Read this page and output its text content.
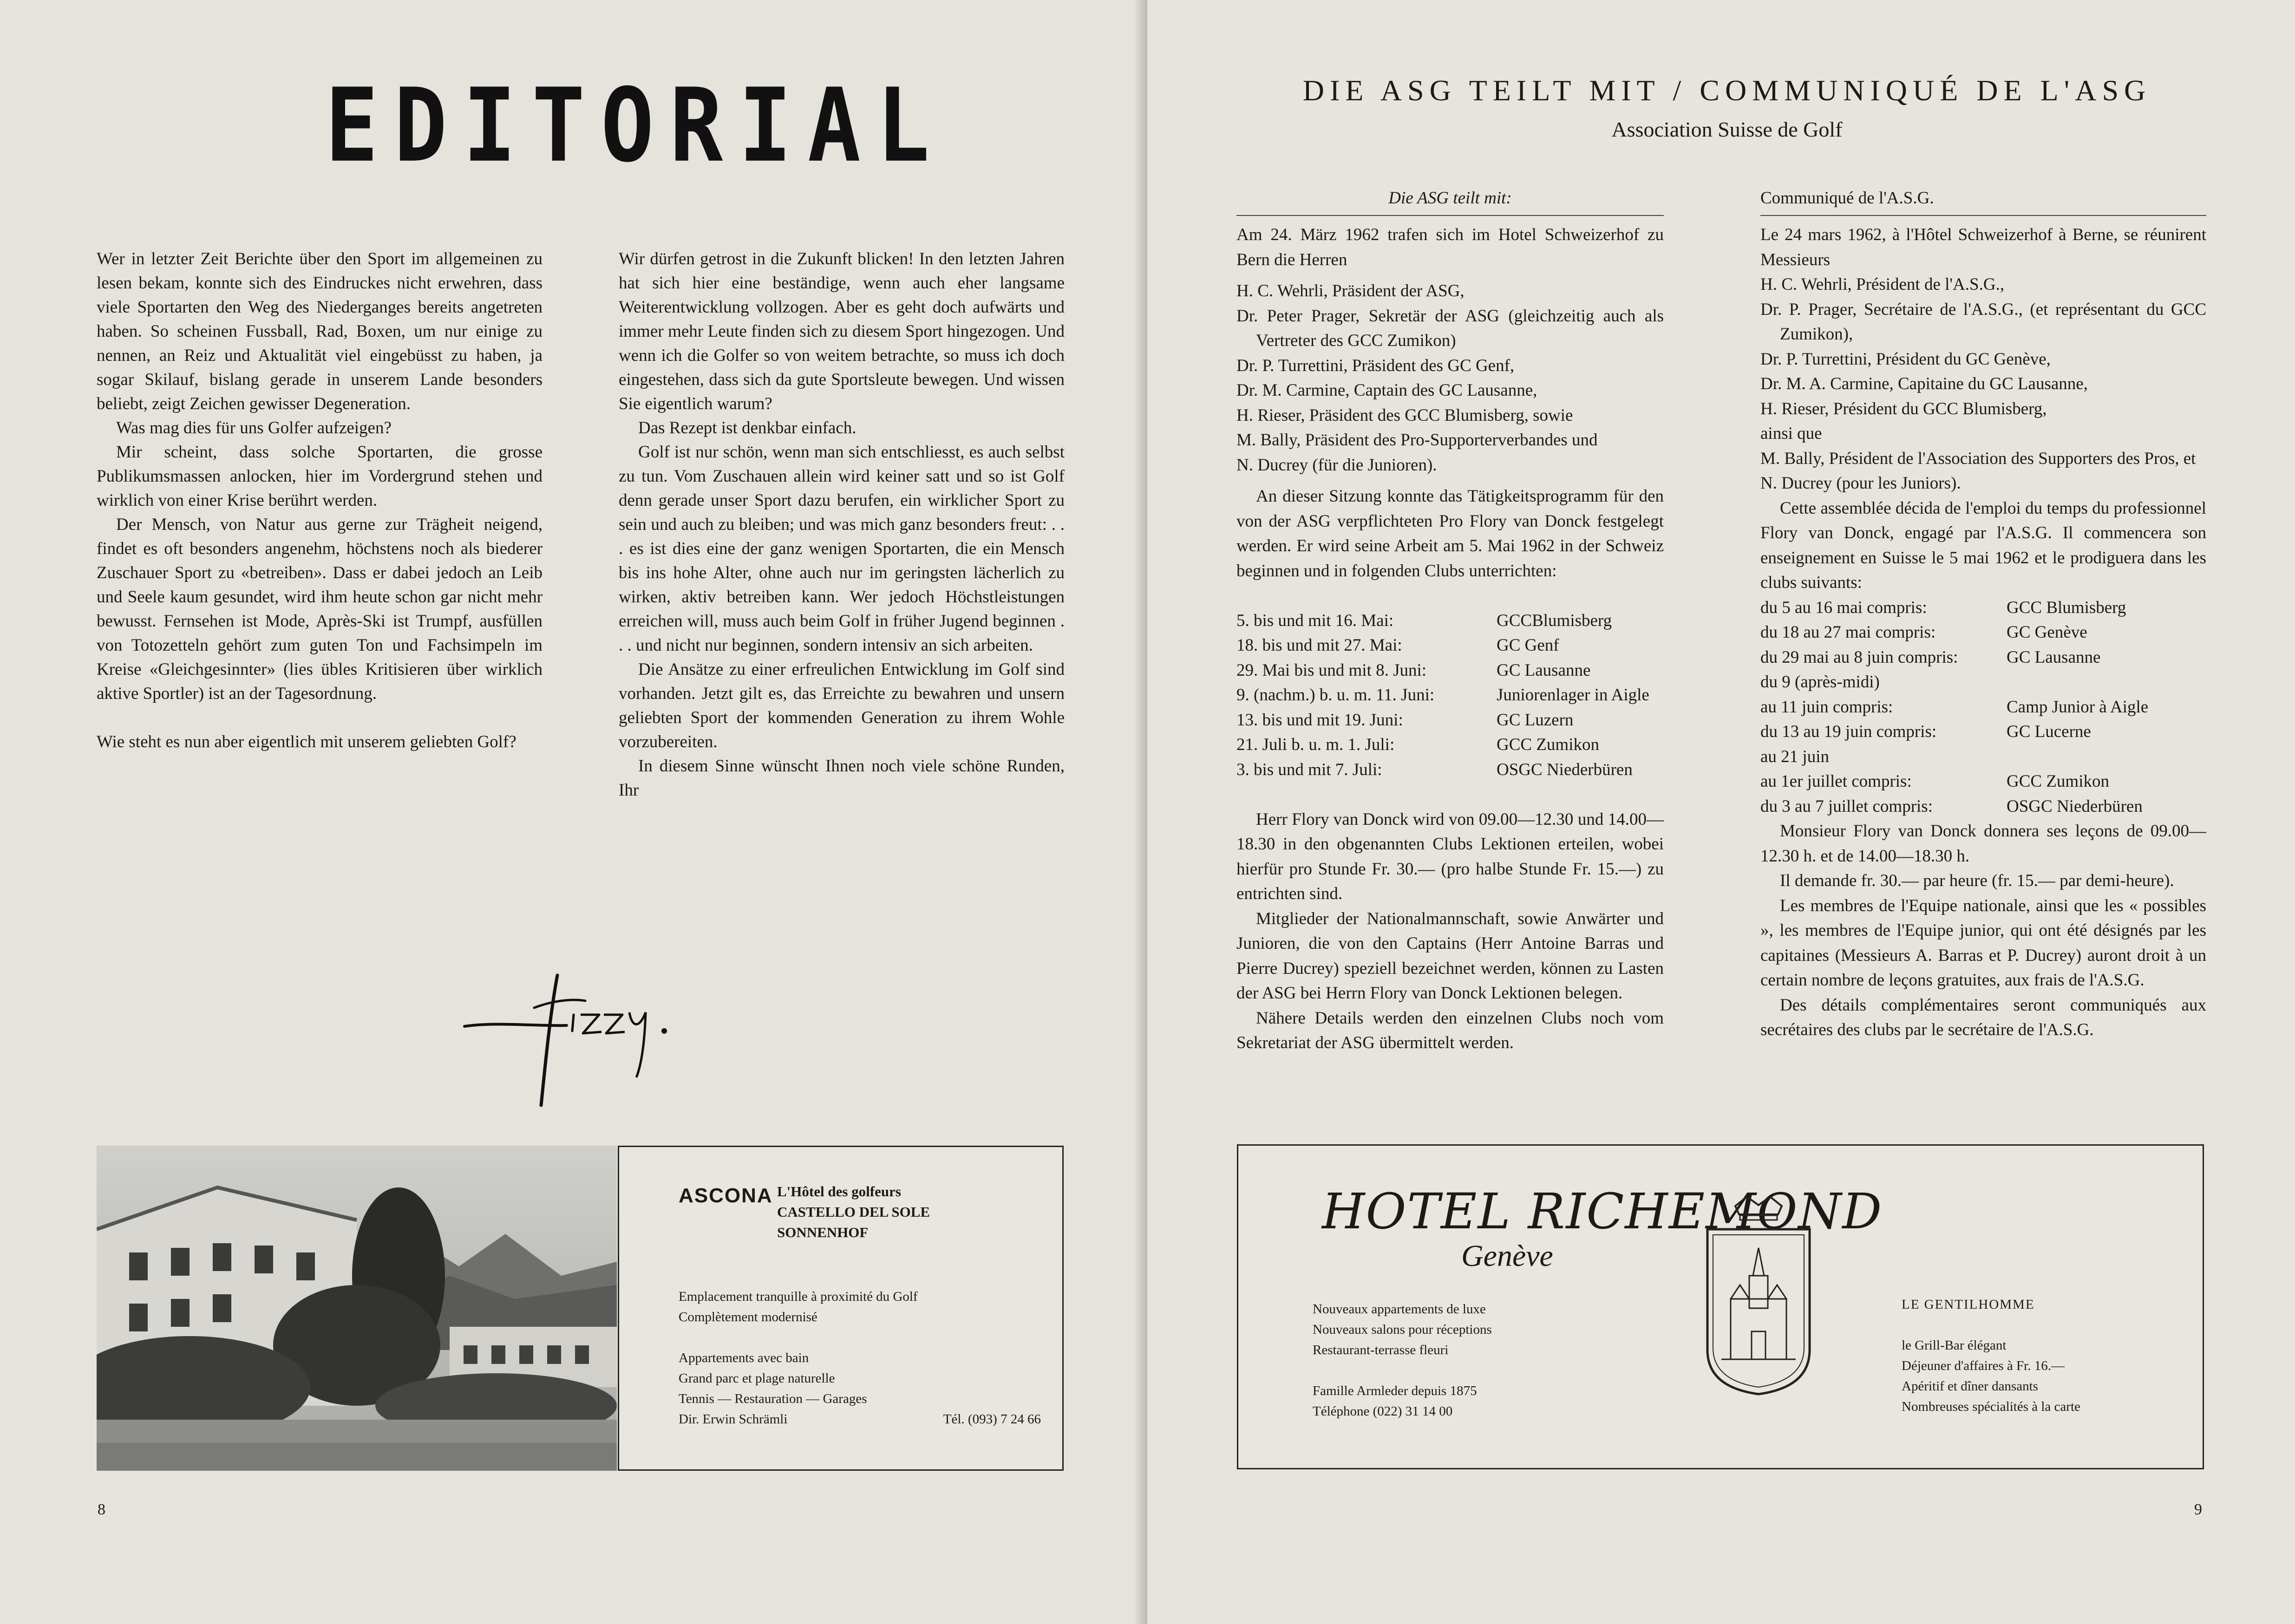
EDITORIAL

Wer in letzter Zeit Berichte über den Sport im allgemeinen zu lesen bekam, konnte sich des Eindruckes nicht erwehren, dass viele Sportarten den Weg des Niederganges bereits angetreten haben. So scheinen Fussball, Rad, Boxen, um nur einige zu nennen, an Reiz und Aktualität viel eingebüsst zu haben, ja sogar Skilauf, bislang gerade in unserem Lande besonders beliebt, zeigt Zeichen gewisser Degeneration.

Was mag dies für uns Golfer aufzeigen?

Mir scheint, dass solche Sportarten, die grosse Publikumsmassen anlocken, hier im Vordergrund stehen und wirklich von einer Krise berührt werden.

Der Mensch, von Natur aus gerne zur Trägheit neigend, findet es oft besonders angenehm, höchstens noch als biederer Zuschauer Sport zu «betreiben». Dass er dabei jedoch an Leib und Seele kaum gesundet, wird ihm heute schon gar nicht mehr bewusst. Fernsehen ist Mode, Après-Ski ist Trumpf, ausfüllen von Totozetteln gehört zum guten Ton und Fachsimpeln im Kreise «Gleichgesinnter» (lies übles Kritisieren über wirklich aktive Sportler) ist an der Tagesordnung.

Wie steht es nun aber eigentlich mit unserem geliebten Golf?

Wir dürfen getrost in die Zukunft blicken! In den letzten Jahren hat sich hier eine beständige, wenn auch eher langsame Weiterentwicklung vollzogen. Aber es geht doch aufwärts und immer mehr Leute finden sich zu diesem Sport hingezogen. Und wenn ich die Golfer so von weitem betrachte, so muss ich doch eingestehen, dass sich da gute Sportsleute bewegen. Und wissen Sie eigentlich warum?

Das Rezept ist denkbar einfach.

Golf ist nur schön, wenn man sich entschliesst, es auch selbst zu tun. Vom Zuschauen allein wird keiner satt und so ist Golf denn gerade unser Sport dazu berufen, ein wirklicher Sport zu sein und auch zu bleiben; und was mich ganz besonders freut: . . . es ist dies eine der ganz wenigen Sportarten, die ein Mensch bis ins hohe Alter, ohne auch nur im geringsten lächerlich zu wirken, aktiv betreiben kann. Wer jedoch Höchstleistungen erreichen will, muss auch beim Golf in früher Jugend beginnen . . . und nicht nur beginnen, sondern intensiv an sich arbeiten.

Die Ansätze zu einer erfreulichen Entwicklung im Golf sind vorhanden. Jetzt gilt es, das Erreichte zu bewahren und unsern geliebten Sport der kommenden Generation zu ihrem Wohle vorzubereiten.

In diesem Sinne wünscht Ihnen noch viele schöne Runden, Ihr

ASCONA L'Hôtel des golfeurs
CASTELLO DEL SOLE
SONNENHOF
Emplacement tranquille à proximité du Golf
Complètement modernisé
Appartements avec bain
Grand parc et plage naturelle
Tennis — Restauration — Garages
Dir. Erwin Schrämli	Tél. (093) 7 24 66
8
DIE ASG TEILT MIT / COMMUNIQUÉ DE L'ASG
Association Suisse de Golf
Die ASG teilt mit:

Am 24. März 1962 trafen sich im Hotel Schweizerhof zu Bern die Herren

H. C. Wehrli, Präsident der ASG,

Dr. Peter Prager, Sekretär der ASG (gleichzeitig auch als Vertreter des GCC Zumikon)

Dr. P. Turrettini, Präsident des GC Genf,

Dr. M. Carmine, Captain des GC Lausanne,

H. Rieser, Präsident des GCC Blumisberg, sowie

M. Bally, Präsident des Pro-Supporterverbandes und

N. Ducrey (für die Junioren).

An dieser Sitzung konnte das Tätigkeitsprogramm für den von der ASG verpflichteten Pro Flory van Donck festgelegt werden. Er wird seine Arbeit am 5. Mai 1962 in der Schweiz beginnen und in folgenden Clubs unterrichten:

5. bis und mit 16. Mai:	GCCBlumisberg
18. bis und mit 27. Mai:	GC Genf
29. Mai bis und mit 8. Juni:	GC Lausanne
9. (nachm.) b. u. m. 11. Juni:	Juniorenlager in Aigle
13. bis und mit 19. Juni:	GC Luzern
21. Juli b. u. m. 1. Juli:	GCC Zumikon
3. bis und mit 7. Juli:	OSGC Niederbüren

Herr Flory van Donck wird von 09.00—12.30 und 14.00—18.30 in den obgenannten Clubs Lektionen erteilen, wobei hierfür pro Stunde Fr. 30.— (pro halbe Stunde Fr. 15.—) zu entrichten sind.

Mitglieder der Nationalmannschaft, sowie Anwärter und Junioren, die von den Captains (Herr Antoine Barras und Pierre Ducrey) speziell bezeichnet werden, können zu Lasten der ASG bei Herrn Flory van Donck Lektionen belegen.

Nähere Details werden den einzelnen Clubs noch vom Sekretariat der ASG übermittelt werden.

Communiqué de l'A.S.G.

Le 24 mars 1962, à l'Hôtel Schweizerhof à Berne, se réunirent Messieurs

H. C. Wehrli, Président de l'A.S.G.,

Dr. P. Prager, Secrétaire de l'A.S.G., (et représentant du GCC Zumikon),

Dr. P. Turrettini, Président du GC Genève,

Dr. M. A. Carmine, Capitaine du GC Lausanne,

H. Rieser, Président du GCC Blumisberg,

ainsi que

M. Bally, Président de l'Association des Supporters des Pros, et

N. Ducrey (pour les Juniors).

Cette assemblée décida de l'emploi du temps du professionnel Flory van Donck, engagé par l'A.S.G. Il commencera son enseignement en Suisse le 5 mai 1962 et le prodiguera dans les clubs suivants:

du 5 au 16 mai compris:	GCC Blumisberg
du 18 au 27 mai compris:	GC Genève
du 29 mai au 8 juin compris:	GC Lausanne
du 9 (après-midi)
au 11 juin compris:	Camp Junior à Aigle
du 13 au 19 juin compris:	GC Lucerne
au 21 juin
au 1er juillet compris:	GCC Zumikon
du 3 au 7 juillet compris:	OSGC Niederbüren

Monsieur Flory van Donck donnera ses leçons de 09.00—12.30 h. et de 14.00—18.30 h.

Il demande fr. 30.— par heure (fr. 15.— par demi-heure).

Les membres de l'Equipe nationale, ainsi que les « possibles », les membres de l'Equipe junior, qui ont été désignés par les capitaines (Messieurs A. Barras et P. Ducrey) auront droit à un certain nombre de leçons gratuites, aux frais de l'A.S.G.

Des détails complémentaires seront communiqués aux secrétaires des clubs par le secrétaire de l'A.S.G.

HOTEL RICHEMOND
Genève
Nouveaux appartements de luxe
Nouveaux salons pour réceptions
Restaurant-terrasse fleuri
Famille Armleder depuis 1875
Téléphone (022) 31 14 00
LE GENTILHOMME
le Grill-Bar élégant
Déjeuner d'affaires à Fr. 16.—
Apéritif et dîner dansants
Nombreuses spécialités à la carte
9
